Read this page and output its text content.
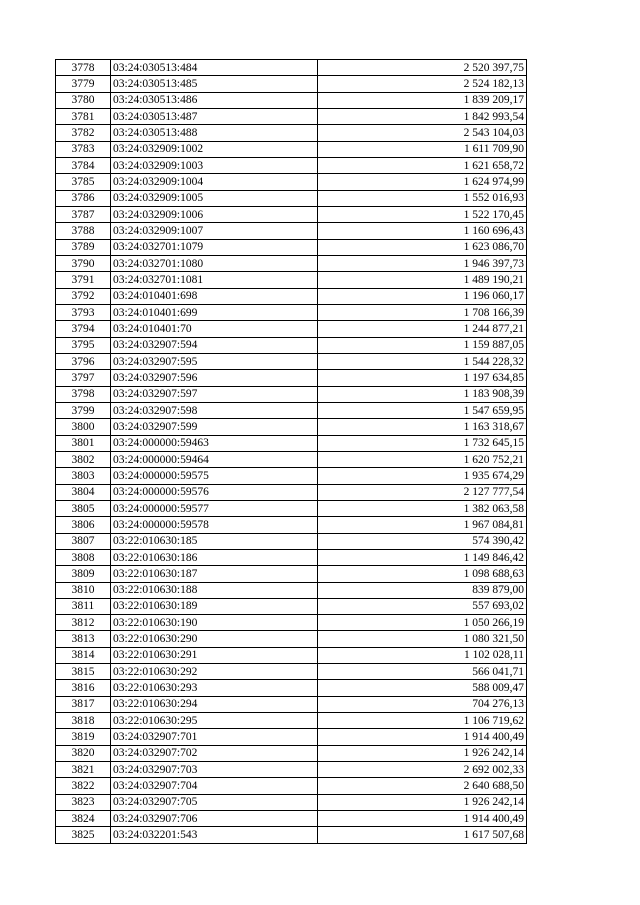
3778	03:24:030513:484	2 520 397,75
3779	03:24:030513:485	2 524 182,13
3780	03:24:030513:486	1 839 209,17
3781	03:24:030513:487	1 842 993,54
3782	03:24:030513:488	2 543 104,03
3783	03:24:032909:1002	1 611 709,90
3784	03:24:032909:1003	1 621 658,72
3785	03:24:032909:1004	1 624 974,99
3786	03:24:032909:1005	1 552 016,93
3787	03:24:032909:1006	1 522 170,45
3788	03:24:032909:1007	1 160 696,43
3789	03:24:032701:1079	1 623 086,70
3790	03:24:032701:1080	1 946 397,73
3791	03:24:032701:1081	1 489 190,21
3792	03:24:010401:698	1 196 060,17
3793	03:24:010401:699	1 708 166,39
3794	03:24:010401:70	1 244 877,21
3795	03:24:032907:594	1 159 887,05
3796	03:24:032907:595	1 544 228,32
3797	03:24:032907:596	1 197 634,85
3798	03:24:032907:597	1 183 908,39
3799	03:24:032907:598	1 547 659,95
3800	03:24:032907:599	1 163 318,67
3801	03:24:000000:59463	1 732 645,15
3802	03:24:000000:59464	1 620 752,21
3803	03:24:000000:59575	1 935 674,29
3804	03:24:000000:59576	2 127 777,54
3805	03:24:000000:59577	1 382 063,58
3806	03:24:000000:59578	1 967 084,81
3807	03:22:010630:185	574 390,42
3808	03:22:010630:186	1 149 846,42
3809	03:22:010630:187	1 098 688,63
3810	03:22:010630:188	839 879,00
3811	03:22:010630:189	557 693,02
3812	03:22:010630:190	1 050 266,19
3813	03:22:010630:290	1 080 321,50
3814	03:22:010630:291	1 102 028,11
3815	03:22:010630:292	566 041,71
3816	03:22:010630:293	588 009,47
3817	03:22:010630:294	704 276,13
3818	03:22:010630:295	1 106 719,62
3819	03:24:032907:701	1 914 400,49
3820	03:24:032907:702	1 926 242,14
3821	03:24:032907:703	2 692 002,33
3822	03:24:032907:704	2 640 688,50
3823	03:24:032907:705	1 926 242,14
3824	03:24:032907:706	1 914 400,49
3825	03:24:032201:543	1 617 507,68
